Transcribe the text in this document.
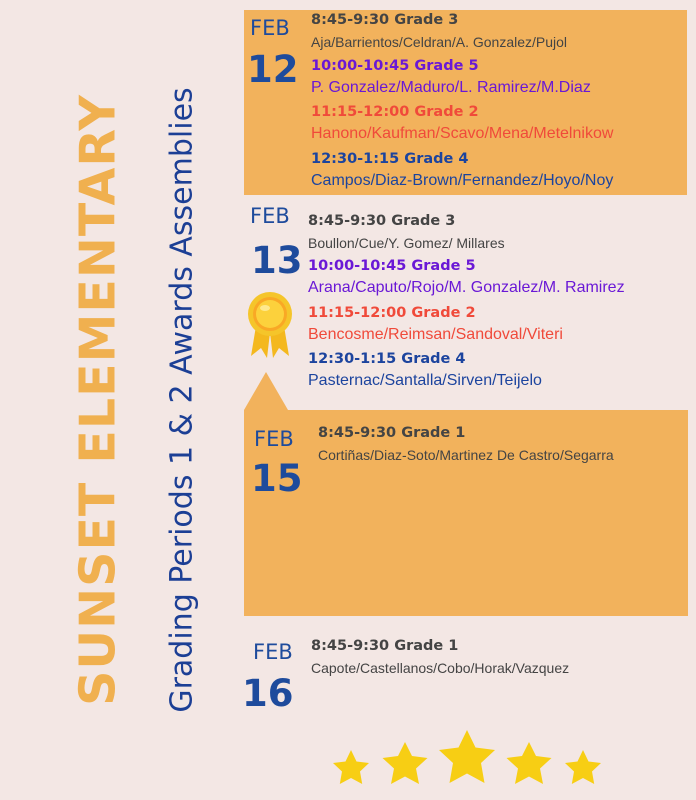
SUNSET ELEMENTARY Grading Periods 1 & 2 Awards Assemblies
FEB
12
8:45-9:30 Grade 3
Aja/Barrientos/Celdran/A. Gonzalez/Pujol
10:00-10:45 Grade 5
P. Gonzalez/Maduro/L. Ramirez/M.Diaz
11:15-12:00 Grade 2
Hanono/Kaufman/Scavo/Mena/Metelnikow
12:30-1:15 Grade 4
Campos/Diaz-Brown/Fernandez/Hoyo/Noy
FEB
13
8:45-9:30 Grade 3
Boullon/Cue/Y. Gomez/ Millares
10:00-10:45 Grade 5
Arana/Caputo/Rojo/M. Gonzalez/M. Ramirez
11:15-12:00 Grade 2
Bencosme/Reimsan/Sandoval/Viteri
12:30-1:15 Grade 4
Pasternac/Santalla/Sirven/Teijelo
FEB
15
8:45-9:30 Grade 1
Cortiñas/Diaz-Soto/Martinez De Castro/Segarra
FEB
16
8:45-9:30 Grade 1
Capote/Castellanos/Cobo/Horak/Vazquez
